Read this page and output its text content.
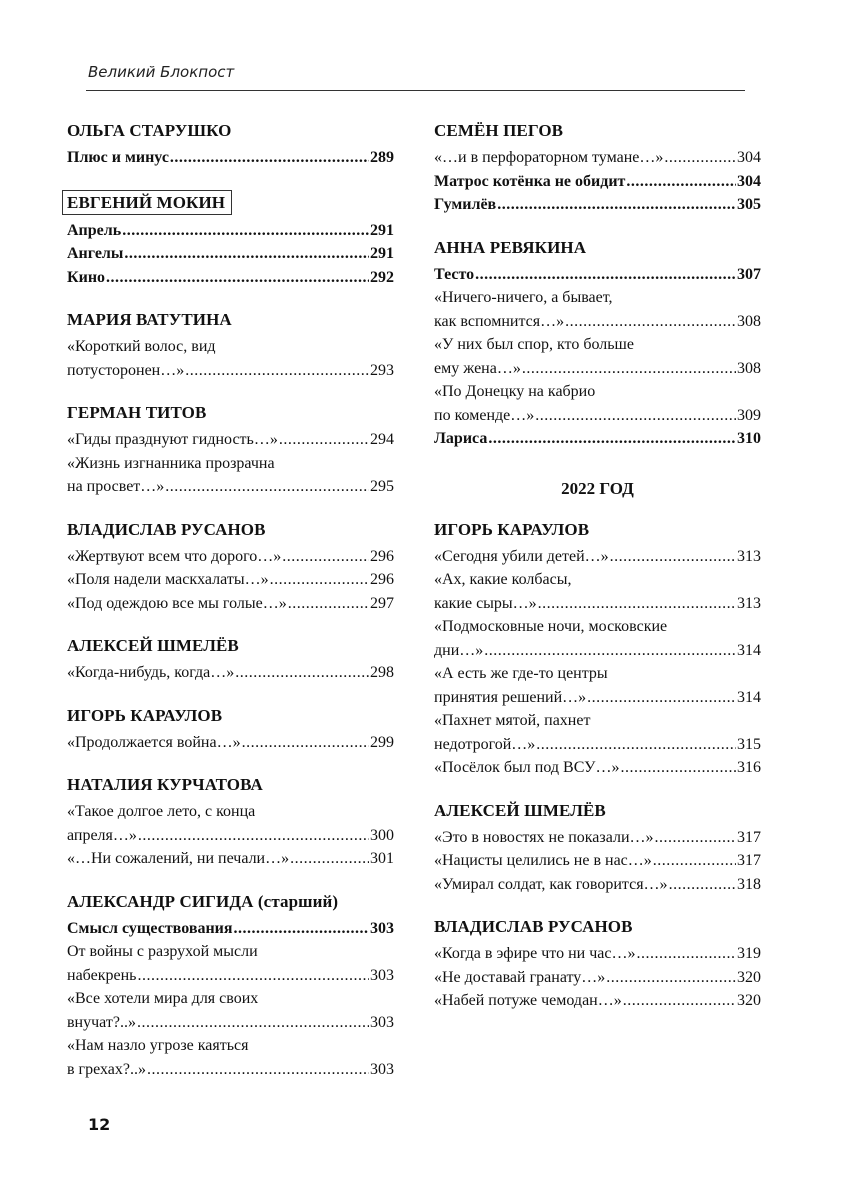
Великий Блокпост
ОЛЬГА СТАРУШКО
Плюс и минус .....	289
ЕВГЕНИЙ МОКИН
Апрель .....	291
Ангелы .....	291
Кино .....	292
МАРИЯ ВАТУТИНА
«Короткий волос, вид
потусторонен…» .....	293
ГЕРМАН ТИТОВ
«Гиды празднуют гидность…» .....	294
«Жизнь изгнанника прозрачна
на просвет…» .....	295
ВЛАДИСЛАВ РУСАНОВ
«Жертвуют всем что дорого…» .....	296
«Поля надели маскхалаты…» .....	296
«Под одеждою все мы голые…» .....	297
АЛЕКСЕЙ ШМЕЛЁВ
«Когда-нибудь, когда…» .....	298
ИГОРЬ КАРАУЛОВ
«Продолжается война…» .....	299
НАТАЛИЯ КУРЧАТОВА
«Такое долгое лето, с конца
апреля…» .....	300
«…Ни сожалений, ни печали…» .....	301
АЛЕКСАНДР СИГИДА (старший)
Смысл существования .....	303
От войны с разрухой мысли
набекрень .....	303
«Все хотели мира для своих
внучат?..» .....	303
«Нам назло угрозе каяться
в грехах?..» .....	303
СЕМЁН ПЕГОВ
«…и в перфораторном тумане…» .....	304
Матрос котёнка не обидит .....	304
Гумилёв .....	305
АННА РЕВЯКИНА
Тесто .....	307
«Ничего-ничего, а бывает,
как вспомнится…» .....	308
«У них был спор, кто больше
ему жена…» .....	308
«По Донецку на кабрио
по коменде…» .....	309
Лариса .....	310
2022 ГОД
ИГОРЬ КАРАУЛОВ
«Сегодня убили детей…» .....	313
«Ах, какие колбасы,
какие сыры…» .....	313
«Подмосковные ночи, московские
дни…» .....	314
«А есть же где-то центры
принятия решений…» .....	314
«Пахнет мятой, пахнет
недотрогой…» .....	315
«Посёлок был под ВСУ…» .....	316
АЛЕКСЕЙ ШМЕЛЁВ
«Это в новостях не показали…» .....	317
«Нацисты целились не в нас…» .....	317
«Умирал солдат, как говорится…» .....	318
ВЛАДИСЛАВ РУСАНОВ
«Когда в эфире что ни час…» .....	319
«Не доставай гранату…» .....	320
«Набей потуже чемодан…» .....	320
12
